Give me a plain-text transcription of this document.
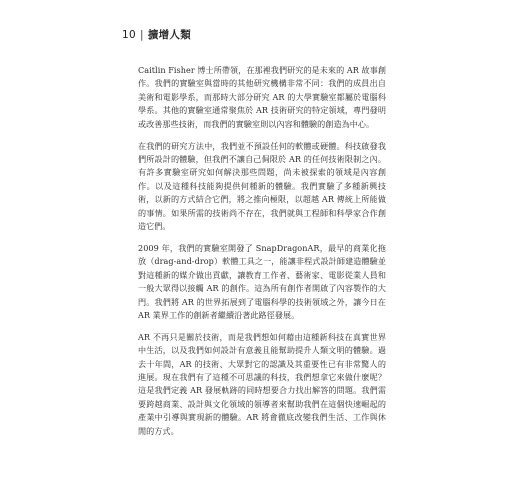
10 | 擴增人類

Caitlin Fisher 博士所帶領，在那裡我們研究的是未來的 AR 故事創作。我們的實驗室與當時的其他研究機構非常不同：我們的成員出自美術和電影學系，而那時大部分研究 AR 的大學實驗室都屬於電腦科學系。其他的實驗室通常聚焦於 AR 技術研究的特定領域，專門發明或改善那些技術，而我們的實驗室則以內容和體驗的創造為中心。

在我們的研究方法中，我們並不預設任何的軟體或硬體。科技啟發我們所設計的體驗，但我們不讓自己侷限於 AR 的任何技術限制之內。有許多實驗室研究如何解決那些問題，尚未被探索的領域是內容創作。以及這種科技能夠提供何種新的體驗。我們實驗了多種新興技術，以新的方式結合它們，將之推向極限，以超越 AR 傳統上所能做的事情。如果所需的技術尚不存在，我們就與工程師和科學家合作創造它們。

2009 年，我們的實驗室開發了 SnapDragonAR，最早的商業化拖放（drag-and-drop）軟體工具之一，能讓非程式設計師建造體驗並對這種新的媒介做出貢獻，讓教育工作者、藝術家、電影從業人員和一般大眾得以接觸 AR 的創作。這為所有創作者開啟了內容製作的大門。我們將 AR 的世界拓展到了電腦科學的技術領域之外，讓今日在 AR 業界工作的創新者繼續沿著此路徑發展。

AR 不再只是關於技術，而是我們想如何藉由這種新科技在真實世界中生活，以及我們如何設計有意義且能幫助提升人類文明的體驗。過去十年間，AR 的技術、大眾對它的認識及其重要性已有非常驚人的進展。現在我們有了這種不可思議的科技，我們想拿它來做什麼呢？這是我們定義 AR 發展軌跡的同時想要合力找出解答的問題。我們需要跨越商業、設計與文化領域的領導者來幫助我們在這個快速崛起的產業中引導與實現新的體驗。AR 將會徹底改變我們生活、工作與休閒的方式。
